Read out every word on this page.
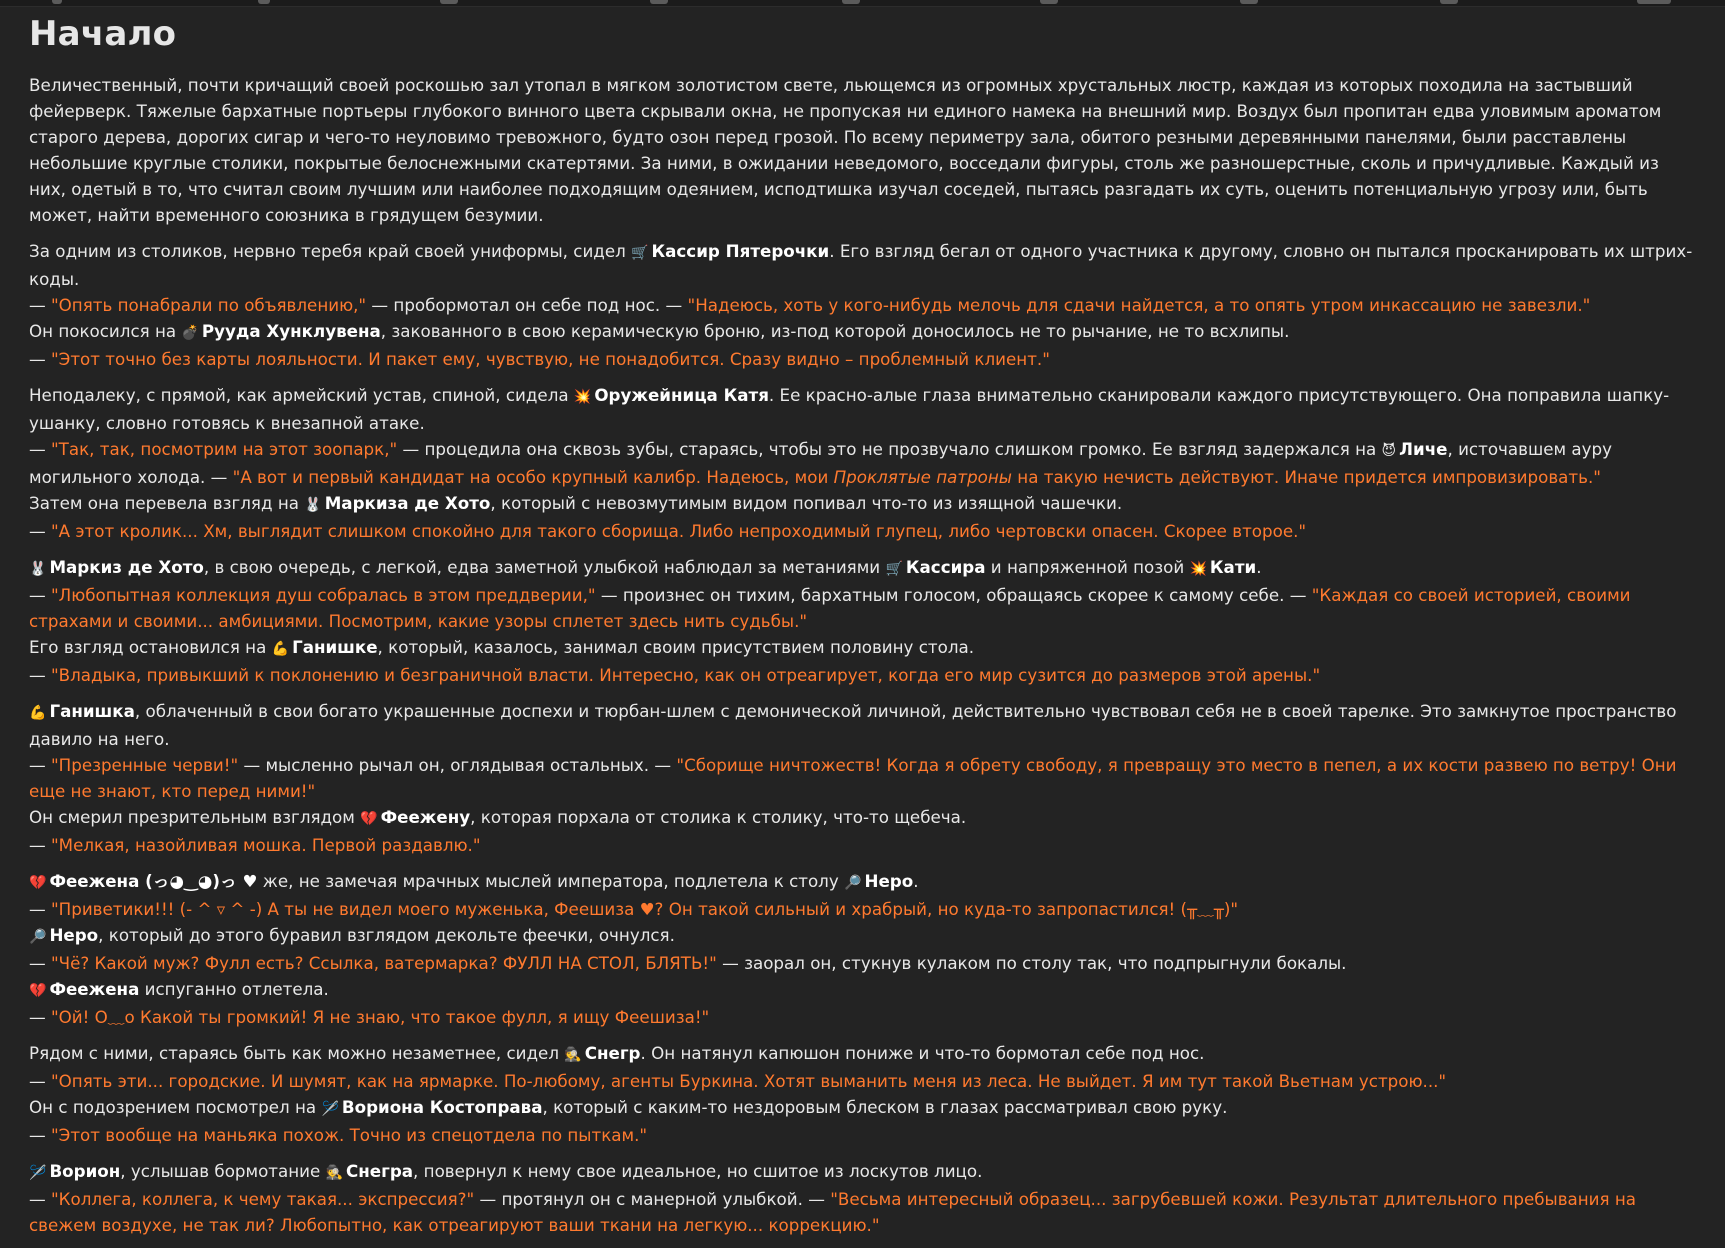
Начало

Величественный, почти кричащий своей роскошью зал утопал в мягком золотистом свете, льющемся из огромных хрустальных люстр, каждая из которых походила на застывший фейерверк. Тяжелые бархатные портьеры глубокого винного цвета скрывали окна, не пропуская ни единого намека на внешний мир. Воздух был пропитан едва уловимым ароматом старого дерева, дорогих сигар и чего-то неуловимо тревожного, будто озон перед грозой. По всему периметру зала, обитого резными деревянными панелями, были расставлены небольшие круглые столики, покрытые белоснежными скатертями. За ними, в ожидании неведомого, восседали фигуры, столь же разношерстные, сколь и причудливые. Каждый из них, одетый в то, что считал своим лучшим или наиболее подходящим одеянием, исподтишка изучал соседей, пытаясь разгадать их суть, оценить потенциальную угрозу или, быть может, найти временного союзника в грядущем безумии.

За одним из столиков, нервно теребя край своей униформы, сидел 🛒 Кассир Пятерочки. Его взгляд бегал от одного участника к другому, словно он пытался просканировать их штрих-коды.
— "Опять понабрали по объявлению," — пробормотал он себе под нос. — "Надеюсь, хоть у кого-нибудь мелочь для сдачи найдется, а то опять утром инкассацию не завезли."
Он покосился на 💣 Рууда Хунклувена, закованного в свою керамическую броню, из-под которой доносилось не то рычание, не то всхлипы.
— "Этот точно без карты лояльности. И пакет ему, чувствую, не понадобится. Сразу видно – проблемный клиент."
Неподалеку, с прямой, как армейский устав, спиной, сидела 💥 Оружейница Катя. Ее красно-алые глаза внимательно сканировали каждого присутствующего. Она поправила шапку-ушанку, словно готовясь к внезапной атаке.
— "Так, так, посмотрим на этот зоопарк," — процедила она сквозь зубы, стараясь, чтобы это не прозвучало слишком громко. Ее взгляд задержался на 😈 Личе, источавшем ауру могильного холода. — "А вот и первый кандидат на особо крупный калибр. Надеюсь, мои Проклятые патроны на такую нечисть действуют. Иначе придется импровизировать."
Затем она перевела взгляд на 🐰 Маркиза де Хото, который с невозмутимым видом попивал что-то из изящной чашечки.
— "А этот кролик... Хм, выглядит слишком спокойно для такого сборища. Либо непроходимый глупец, либо чертовски опасен. Скорее второе."
🐰 Маркиз де Хото, в свою очередь, с легкой, едва заметной улыбкой наблюдал за метаниями 🛒 Кассира и напряженной позой 💥 Кати.
— "Любопытная коллекция душ собралась в этом преддверии," — произнес он тихим, бархатным голосом, обращаясь скорее к самому себе. — "Каждая со своей историей, своими страхами и своими... амбициями. Посмотрим, какие узоры сплетет здесь нить судьбы."
Его взгляд остановился на 💪 Ганишке, который, казалось, занимал своим присутствием половину стола.
— "Владыка, привыкший к поклонению и безграничной власти. Интересно, как он отреагирует, когда его мир сузится до размеров этой арены."
💪 Ганишка, облаченный в свои богато украшенные доспехи и тюрбан-шлем с демонической личиной, действительно чувствовал себя не в своей тарелке. Это замкнутое пространство давило на него.
— "Презренные черви!" — мысленно рычал он, оглядывая остальных. — "Сборище ничтожеств! Когда я обрету свободу, я превращу это место в пепел, а их кости развею по ветру! Они еще не знают, кто перед ними!"
Он смерил презрительным взглядом 💔 Феежену, которая порхала от столика к столику, что-то щебеча.
— "Мелкая, назойливая мошка. Первой раздавлю."
💔 Феежена (っ◕‿◕)っ ♥ же, не замечая мрачных мыслей императора, подлетела к столу 🔎 Неро.
— "Приветики!!! (- ^ ▿ ^ -) А ты не видел моего муженька, Феешиза ♥? Он такой сильный и храбрый, но куда-то запропастился! (╥﹏╥)"
🔎 Неро, который до этого буравил взглядом декольте феечки, очнулся.
— "Чё? Какой муж? Фулл есть? Ссылка, ватермарка? ФУЛЛ НА СТОЛ, БЛЯТЬ!" — заорал он, стукнув кулаком по столу так, что подпрыгнули бокалы.
💔 Феежена испуганно отлетела.
— "Ой! O﹏o Какой ты громкий! Я не знаю, что такое фулл, я ищу Феешиза!"
Рядом с ними, стараясь быть как можно незаметнее, сидел 🕵 Снегр. Он натянул капюшон пониже и что-то бормотал себе под нос.
— "Опять эти... городские. И шумят, как на ярмарке. По-любому, агенты Буркина. Хотят выманить меня из леса. Не выйдет. Я им тут такой Вьетнам устрою..."
Он с подозрением посмотрел на 🪡 Вориона Костоправа, который с каким-то нездоровым блеском в глазах рассматривал свою руку.
— "Этот вообще на маньяка похож. Точно из спецотдела по пыткам."
🪡 Ворион, услышав бормотание 🕵 Снегра, повернул к нему свое идеальное, но сшитое из лоскутов лицо.
— "Коллега, коллега, к чему такая... экспрессия?" — протянул он с манерной улыбкой. — "Весьма интересный образец... загрубевшей кожи. Результат длительного пребывания на свежем воздухе, не так ли? Любопытно, как отреагируют ваши ткани на легкую... коррекцию."
